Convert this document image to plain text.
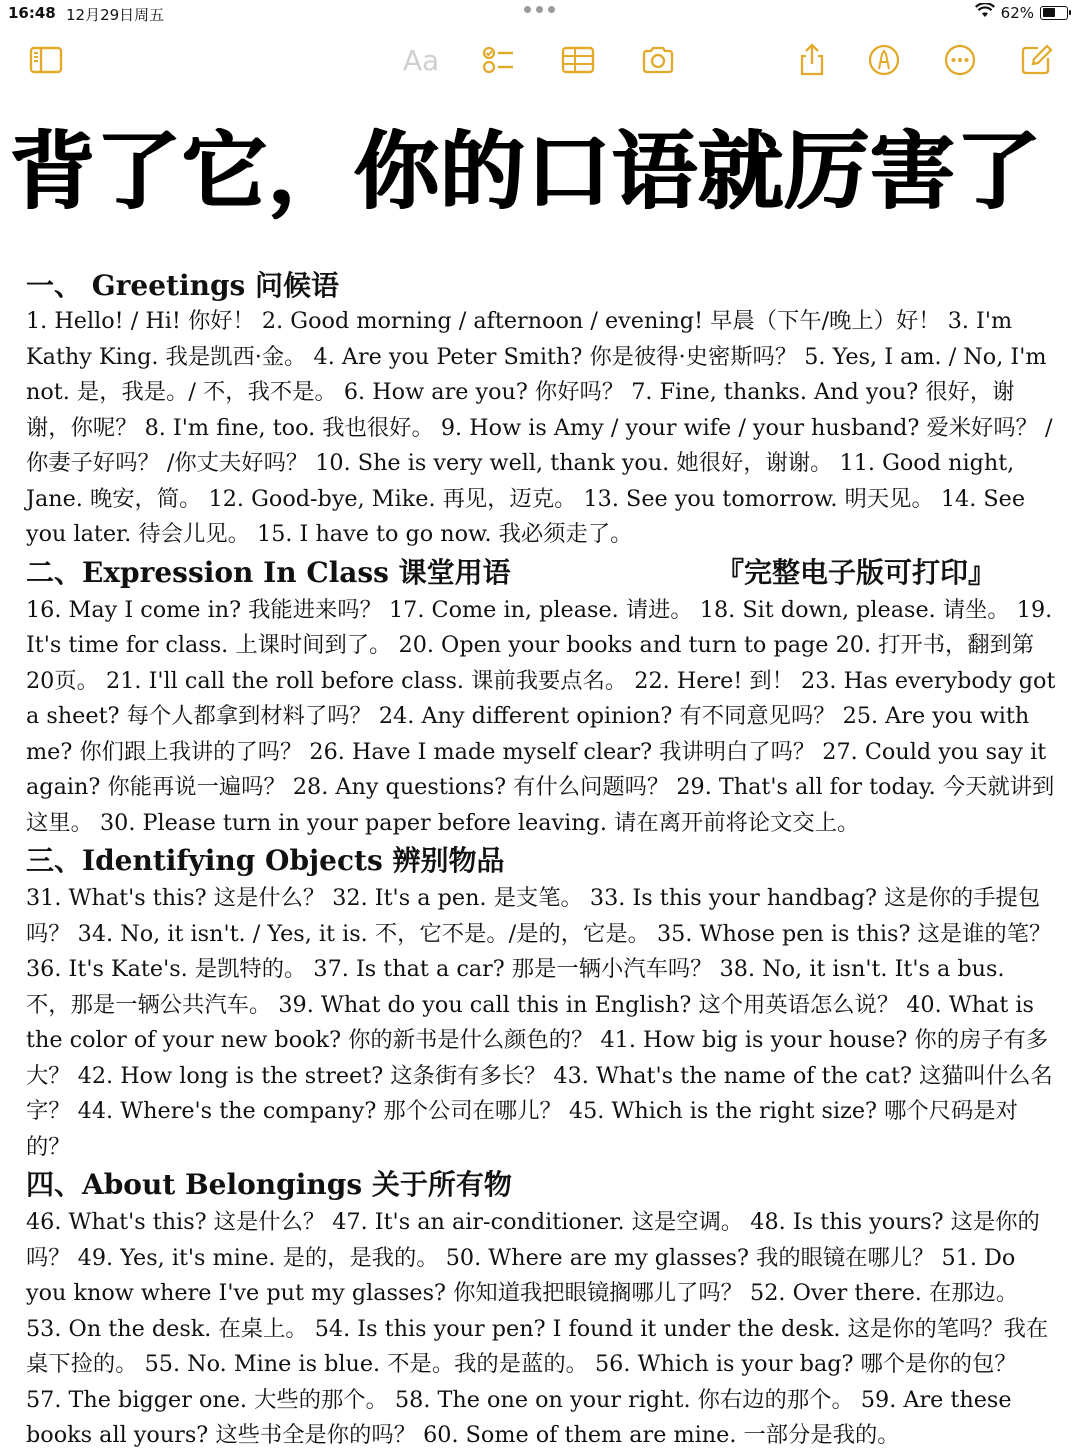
16:48 12月29日周五	62%
Aa
背了它，你的口语就厉害了
一、 Greetings 问候语

1. Hello! / Hi! 你好！ 2. Good morning / afternoon / evening! 早晨（下午/晚上）好！ 3. I'm Kathy King. 我是凯西·金。 4. Are you Peter Smith? 你是彼得·史密斯吗？ 5. Yes, I am. / No, I'm not. 是，我是。/ 不，我不是。 6. How are you? 你好吗？ 7. Fine, thanks. And you? 很好，谢谢，你呢？ 8. I'm fine, too. 我也很好。 9. How is Amy / your wife / your husband? 爱米好吗？ / 你妻子好吗？ /你丈夫好吗？ 10. She is very well, thank you. 她很好，谢谢。 11. Good night, Jane. 晚安，简。 12. Good-bye, Mike. 再见，迈克。 13. See you tomorrow. 明天见。 14. See you later. 待会儿见。 15. I have to go now. 我必须走了。

二、Expression In Class 课堂用语	『完整电子版可打印』

16. May I come in? 我能进来吗？ 17. Come in, please. 请进。 18. Sit down, please. 请坐。 19. It's time for class. 上课时间到了。 20. Open your books and turn to page 20. 打开书，翻到第20页。 21. I'll call the roll before class. 课前我要点名。 22. Here! 到！ 23. Has everybody got a sheet? 每个人都拿到材料了吗？ 24. Any different opinion? 有不同意见吗？ 25. Are you with me? 你们跟上我讲的了吗？ 26. Have I made myself clear? 我讲明白了吗？ 27. Could you say it again? 你能再说一遍吗？ 28. Any questions? 有什么问题吗？ 29. That's all for today. 今天就讲到这里。 30. Please turn in your paper before leaving. 请在离开前将论文交上。

三、Identifying Objects 辨别物品

31. What's this? 这是什么？ 32. It's a pen. 是支笔。 33. Is this your handbag? 这是你的手提包吗？ 34. No, it isn't. / Yes, it is. 不，它不是。/是的，它是。 35. Whose pen is this? 这是谁的笔？ 36. It's Kate's. 是凯特的。 37. Is that a car? 那是一辆小汽车吗？ 38. No, it isn't. It's a bus. 不，那是一辆公共汽车。 39. What do you call this in English? 这个用英语怎么说？ 40. What is the color of your new book? 你的新书是什么颜色的？ 41. How big is your house? 你的房子有多大？ 42. How long is the street? 这条街有多长？ 43. What's the name of the cat? 这猫叫什么名字？ 44. Where's the company? 那个公司在哪儿？ 45. Which is the right size? 哪个尺码是对的？

四、About Belongings 关于所有物

46. What's this? 这是什么？ 47. It's an air-conditioner. 这是空调。 48. Is this yours? 这是你的吗？ 49. Yes, it's mine. 是的，是我的。 50. Where are my glasses? 我的眼镜在哪儿？ 51. Do you know where I've put my glasses? 你知道我把眼镜搁哪儿了吗？ 52. Over there. 在那边。 53. On the desk. 在桌上。 54. Is this your pen? I found it under the desk. 这是你的笔吗？我在桌下捡的。 55. No. Mine is blue. 不是。我的是蓝的。 56. Which is your bag? 哪个是你的包？ 57. The bigger one. 大些的那个。 58. The one on your right. 你右边的那个。 59. Are these books all yours? 这些书全是你的吗？ 60. Some of them are mine. 一部分是我的。
